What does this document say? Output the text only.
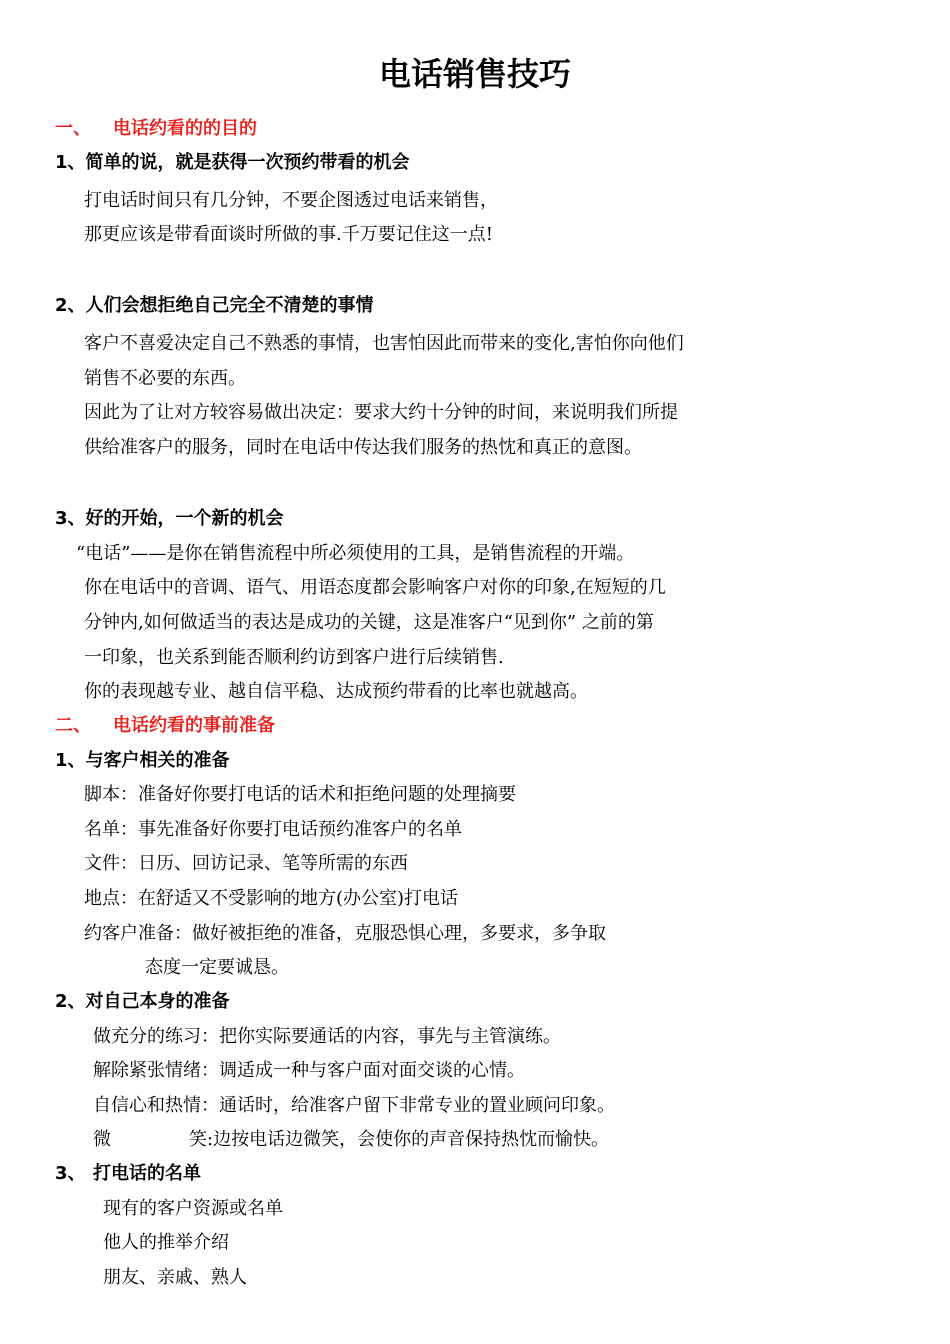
电话销售技巧
一、 电话约看的的目的
1、简单的说，就是获得一次预约带看的机会
打电话时间只有几分钟，不要企图透过电话来销售，
那更应该是带看面谈时所做的事.千万要记住这一点!
2、人们会想拒绝自己完全不清楚的事情
客户不喜爱决定自己不熟悉的事情，也害怕因此而带来的变化,害怕你向他们
销售不必要的东西。
因此为了让对方较容易做出决定：要求大约十分钟的时间，来说明我们所提
供给准客户的服务，同时在电话中传达我们服务的热忱和真正的意图。
3、好的开始，一个新的机会
“电话”——是你在销售流程中所必须使用的工具，是销售流程的开端。
你在电话中的音调、语气、用语态度都会影响客户对你的印象,在短短的几
分钟内,如何做适当的表达是成功的关键，这是准客户“见到你” 之前的第
一印象，也关系到能否顺利约访到客户进行后续销售.
你的表现越专业、越自信平稳、达成预约带看的比率也就越高。
二、 电话约看的事前准备
1、与客户相关的准备
脚本：准备好你要打电话的话术和拒绝问题的处理摘要
名单：事先准备好你要打电话预约准客户的名单
文件：日历、回访记录、笔等所需的东西
地点：在舒适又不受影响的地方(办公室)打电话
约客户准备：做好被拒绝的准备，克服恐惧心理，多要求，多争取
态度一定要诚恳。
2、对自己本身的准备
做充分的练习：把你实际要通话的内容，事先与主管演练。
解除紧张情绪：调适成一种与客户面对面交谈的心情。
自信心和热情：通话时，给准客户留下非常专业的置业顾问印象。
微	笑:边按电话边微笑，会使你的声音保持热忱而愉快。
3、 打电话的名单
现有的客户资源或名单
他人的推举介绍
朋友、亲戚、熟人
